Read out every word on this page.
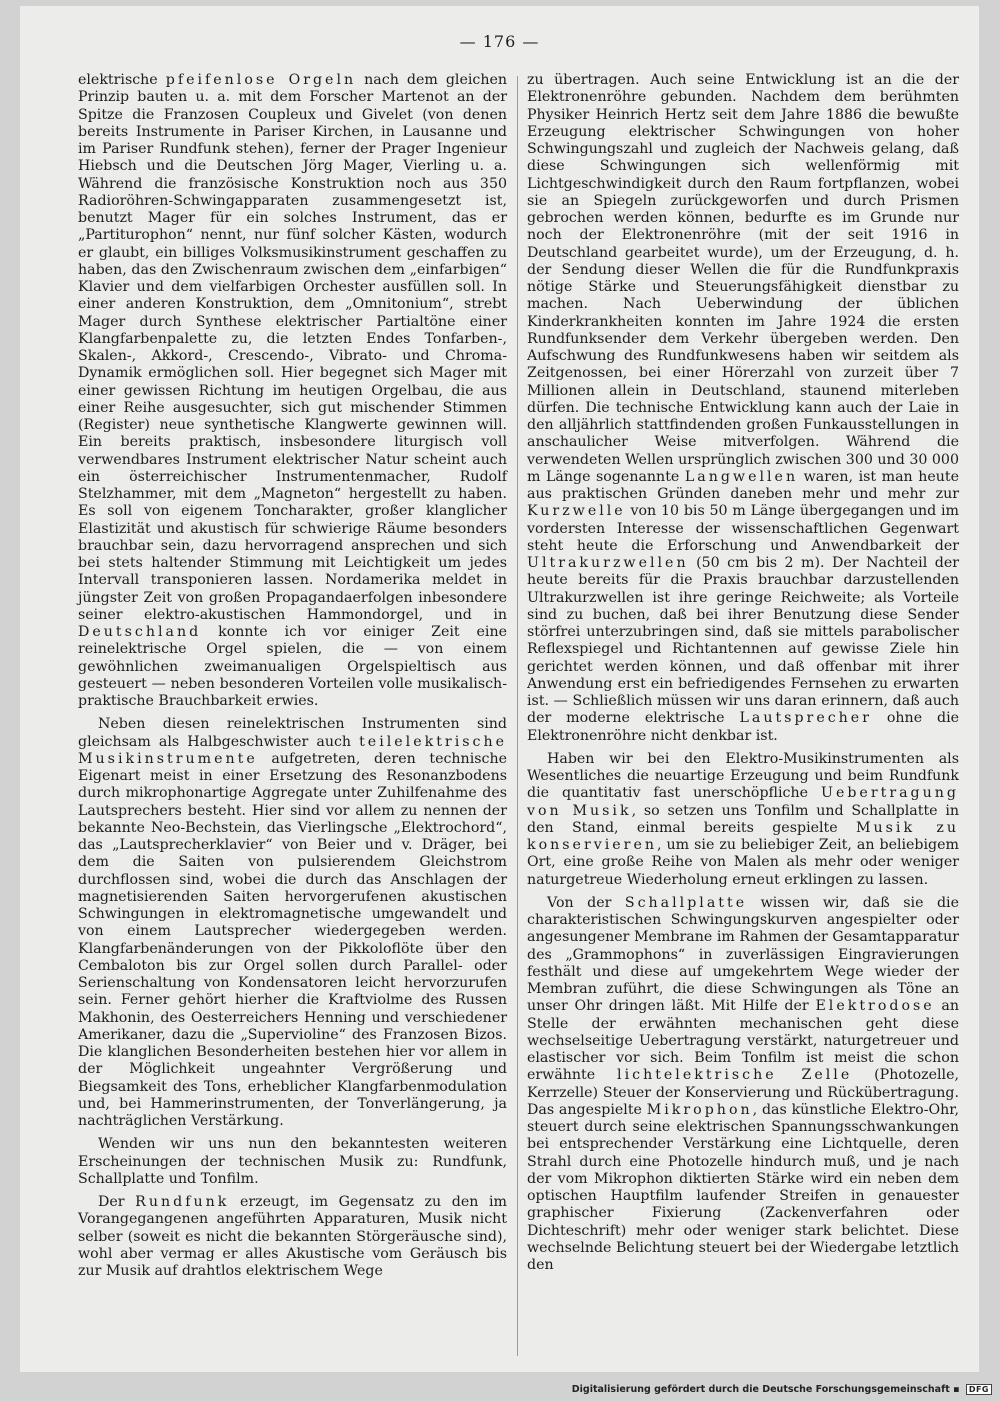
— 176 —

elektrische pfeifenlose Orgeln nach dem gleichen Prinzip bauten u. a. mit dem Forscher Martenot an der Spitze die Franzosen Coupleux und Givelet (von denen bereits Instrumente in Pariser Kirchen, in Lausanne und im Pariser Rundfunk stehen), ferner der Prager Ingenieur Hiebsch und die Deutschen Jörg Mager, Vierling u. a. Während die französische Konstruktion noch aus 350 Radioröhren-Schwingapparaten zusammengesetzt ist, benutzt Mager für ein solches Instrument, das er „Partiturophon“ nennt, nur fünf solcher Kästen, wodurch er glaubt, ein billiges Volksmusikinstrument geschaffen zu haben, das den Zwischenraum zwischen dem „einfarbigen“ Klavier und dem vielfarbigen Orchester ausfüllen soll. In einer anderen Konstruktion, dem „Omnitonium“, strebt Mager durch Synthese elektrischer Partialtöne einer Klangfarbenpalette zu, die letzten Endes Tonfarben-, Skalen-, Akkord-, Crescendo-, Vibrato- und Chroma-Dynamik ermöglichen soll. Hier begegnet sich Mager mit einer gewissen Richtung im heutigen Orgelbau, die aus einer Reihe ausgesuchter, sich gut mischender Stimmen (Register) neue synthetische Klangwerte gewinnen will. Ein bereits praktisch, insbesondere liturgisch voll verwendbares Instrument elektrischer Natur scheint auch ein österreichischer Instrumentenmacher, Rudolf Stelzhammer, mit dem „Magneton“ hergestellt zu haben. Es soll von eigenem Toncharakter, großer klanglicher Elastizität und akustisch für schwierige Räume besonders brauchbar sein, dazu hervorragend ansprechen und sich bei stets haltender Stimmung mit Leichtigkeit um jedes Intervall transponieren lassen. Nordamerika meldet in jüngster Zeit von großen Propagandaerfolgen inbesondere seiner elektro-akustischen Hammondorgel, und in Deutschland konnte ich vor einiger Zeit eine reinelektrische Orgel spielen, die — von einem gewöhnlichen zweimanualigen Orgelspieltisch aus gesteuert — neben besonderen Vorteilen volle musikalisch-praktische Brauchbarkeit erwies.

Neben diesen reinelektrischen Instrumenten sind gleichsam als Halbgeschwister auch teilelektrische Musikinstrumente aufgetreten, deren technische Eigenart meist in einer Ersetzung des Resonanzbodens durch mikrophonartige Aggregate unter Zuhilfenahme des Lautsprechers besteht. Hier sind vor allem zu nennen der bekannte Neo-Bechstein, das Vierlingsche „Elektrochord“, das „Lautsprecherklavier“ von Beier und v. Dräger, bei dem die Saiten von pulsierendem Gleichstrom durchflossen sind, wobei die durch das Anschlagen der magnetisierenden Saiten hervorgerufenen akustischen Schwingungen in elektromagnetische umgewandelt und von einem Lautsprecher wiedergegeben werden. Klangfarbenänderungen von der Pikkoloflöte über den Cembaloton bis zur Orgel sollen durch Parallel- oder Serienschaltung von Kondensatoren leicht hervorzurufen sein. Ferner gehört hierher die Kraftviolme des Russen Makhonin, des Oesterreichers Henning und verschiedener Amerikaner, dazu die „Supervioline“ des Franzosen Bizos. Die klanglichen Besonderheiten bestehen hier vor allem in der Möglichkeit ungeahnter Vergrößerung und Biegsamkeit des Tons, erheblicher Klangfarbenmodulation und, bei Hammerinstrumenten, der Tonverlängerung, ja nachträglichen Verstärkung.

Wenden wir uns nun den bekanntesten weiteren Erscheinungen der technischen Musik zu: Rundfunk, Schallplatte und Tonfilm.

Der Rundfunk erzeugt, im Gegensatz zu den im Vorangegangenen angeführten Apparaturen, Musik nicht selber (soweit es nicht die bekannten Störgeräusche sind), wohl aber vermag er alles Akustische vom Geräusch bis zur Musik auf drahtlos elektrischem Wege

zu übertragen. Auch seine Entwicklung ist an die der Elektronenröhre gebunden. Nachdem dem berühmten Physiker Heinrich Hertz seit dem Jahre 1886 die bewußte Erzeugung elektrischer Schwingungen von hoher Schwingungszahl und zugleich der Nachweis gelang, daß diese Schwingungen sich wellenförmig mit Lichtgeschwindigkeit durch den Raum fortpflanzen, wobei sie an Spiegeln zurückgeworfen und durch Prismen gebrochen werden können, bedurfte es im Grunde nur noch der Elektronenröhre (mit der seit 1916 in Deutschland gearbeitet wurde), um der Erzeugung, d. h. der Sendung dieser Wellen die für die Rundfunkpraxis nötige Stärke und Steuerungsfähigkeit dienstbar zu machen. Nach Ueberwindung der üblichen Kinderkrankheiten konnten im Jahre 1924 die ersten Rundfunksender dem Verkehr übergeben werden. Den Aufschwung des Rundfunkwesens haben wir seitdem als Zeitgenossen, bei einer Hörerzahl von zurzeit über 7 Millionen allein in Deutschland, staunend miterleben dürfen. Die technische Entwicklung kann auch der Laie in den alljährlich stattfindenden großen Funkausstellungen in anschaulicher Weise mitverfolgen. Während die verwendeten Wellen ursprünglich zwischen 300 und 30 000 m Länge sogenannte Langwellen waren, ist man heute aus praktischen Gründen daneben mehr und mehr zur Kurzwelle von 10 bis 50 m Länge übergegangen und im vordersten Interesse der wissenschaftlichen Gegenwart steht heute die Erforschung und Anwendbarkeit der Ultrakurzwellen (50 cm bis 2 m). Der Nachteil der heute bereits für die Praxis brauchbar darzustellenden Ultrakurzwellen ist ihre geringe Reichweite; als Vorteile sind zu buchen, daß bei ihrer Benutzung diese Sender störfrei unterzubringen sind, daß sie mittels parabolischer Reflexspiegel und Richtantennen auf gewisse Ziele hin gerichtet werden können, und daß offenbar mit ihrer Anwendung erst ein befriedigendes Fernsehen zu erwarten ist. — Schließlich müssen wir uns daran erinnern, daß auch der moderne elektrische Lautsprecher ohne die Elektronenröhre nicht denkbar ist.

Haben wir bei den Elektro-Musikinstrumenten als Wesentliches die neuartige Erzeugung und beim Rundfunk die quantitativ fast unerschöpfliche Uebertragung von Musik, so setzen uns Tonfilm und Schallplatte in den Stand, einmal bereits gespielte Musik zu konservieren, um sie zu beliebiger Zeit, an beliebigem Ort, eine große Reihe von Malen als mehr oder weniger naturgetreue Wiederholung erneut erklingen zu lassen.

Von der Schallplatte wissen wir, daß sie die charakteristischen Schwingungskurven angespielter oder angesungener Membrane im Rahmen der Gesamtapparatur des „Grammophons“ in zuverlässigen Eingravierungen festhält und diese auf umgekehrtem Wege wieder der Membran zuführt, die diese Schwingungen als Töne an unser Ohr dringen läßt. Mit Hilfe der Elektrodose an Stelle der erwähnten mechanischen geht diese wechselseitige Uebertragung verstärkt, naturgetreuer und elastischer vor sich. Beim Tonfilm ist meist die schon erwähnte lichtelektrische Zelle (Photozelle, Kerrzelle) Steuer der Konservierung und Rückübertragung. Das angespielte Mikrophon, das künstliche Elektro-Ohr, steuert durch seine elektrischen Spannungsschwankungen bei entsprechender Verstärkung eine Lichtquelle, deren Strahl durch eine Photozelle hindurch muß, und je nach der vom Mikrophon diktierten Stärke wird ein neben dem optischen Hauptfilm laufender Streifen in genauester graphischer Fixierung (Zackenverfahren oder Dichteschrift) mehr oder weniger stark belichtet. Diese wechselnde Belichtung steuert bei der Wiedergabe letztlich den

Digitalisierung gefördert durch die Deutsche Forschungsgemeinschaft ▪ DFG
